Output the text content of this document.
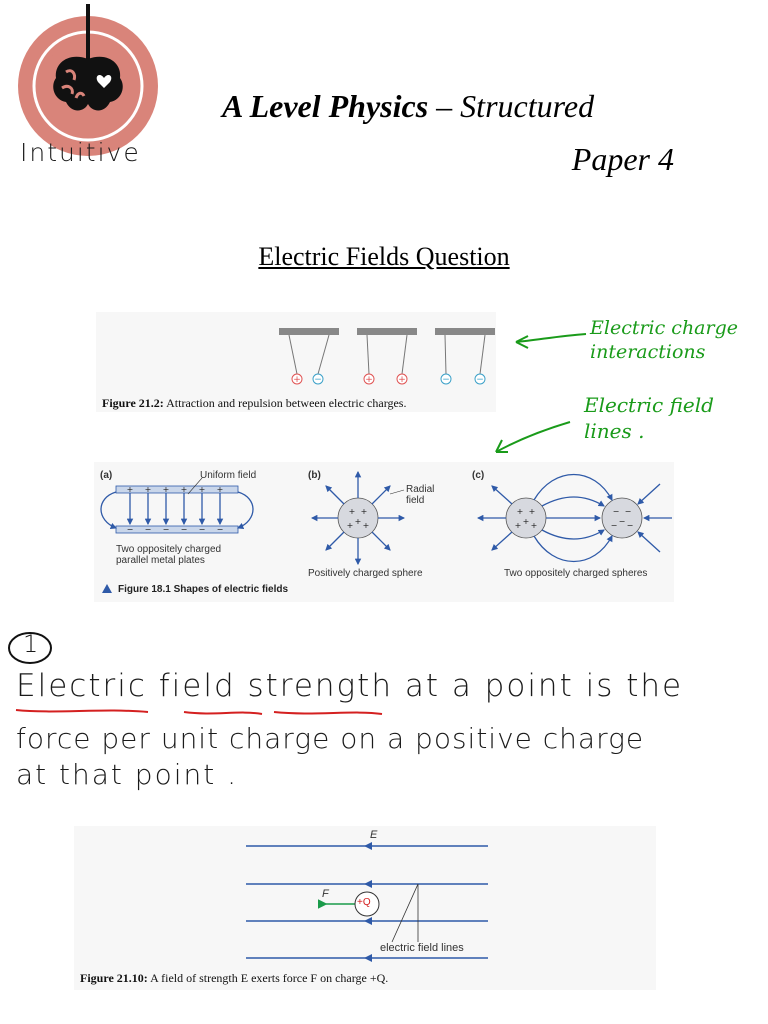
Intuitive
A Level Physics – Structured
Paper 4
Electric Fields Question
+ −	+	+	−	−
Figure 21.2: Attraction and repulsion between electric charges.
Electric charge
interactions
Electric field
lines .
+ + + + + +
− − − − − −
+ +
+
+ +
+ +
+
+ +
− −
−
− −
(a)	Uniform field
Two oppositely charged
parallel metal plates
(b)
Radial
field
Positively charged sphere
(c)
Two oppositely charged spheres
Figure 18.1 Shapes of electric fields
1
Electric field strength at a point is the
force per unit charge on a positive charge
at that point .
E
F
+Q
electric field lines
Figure 21.10: A field of strength E exerts force F on charge +Q.
